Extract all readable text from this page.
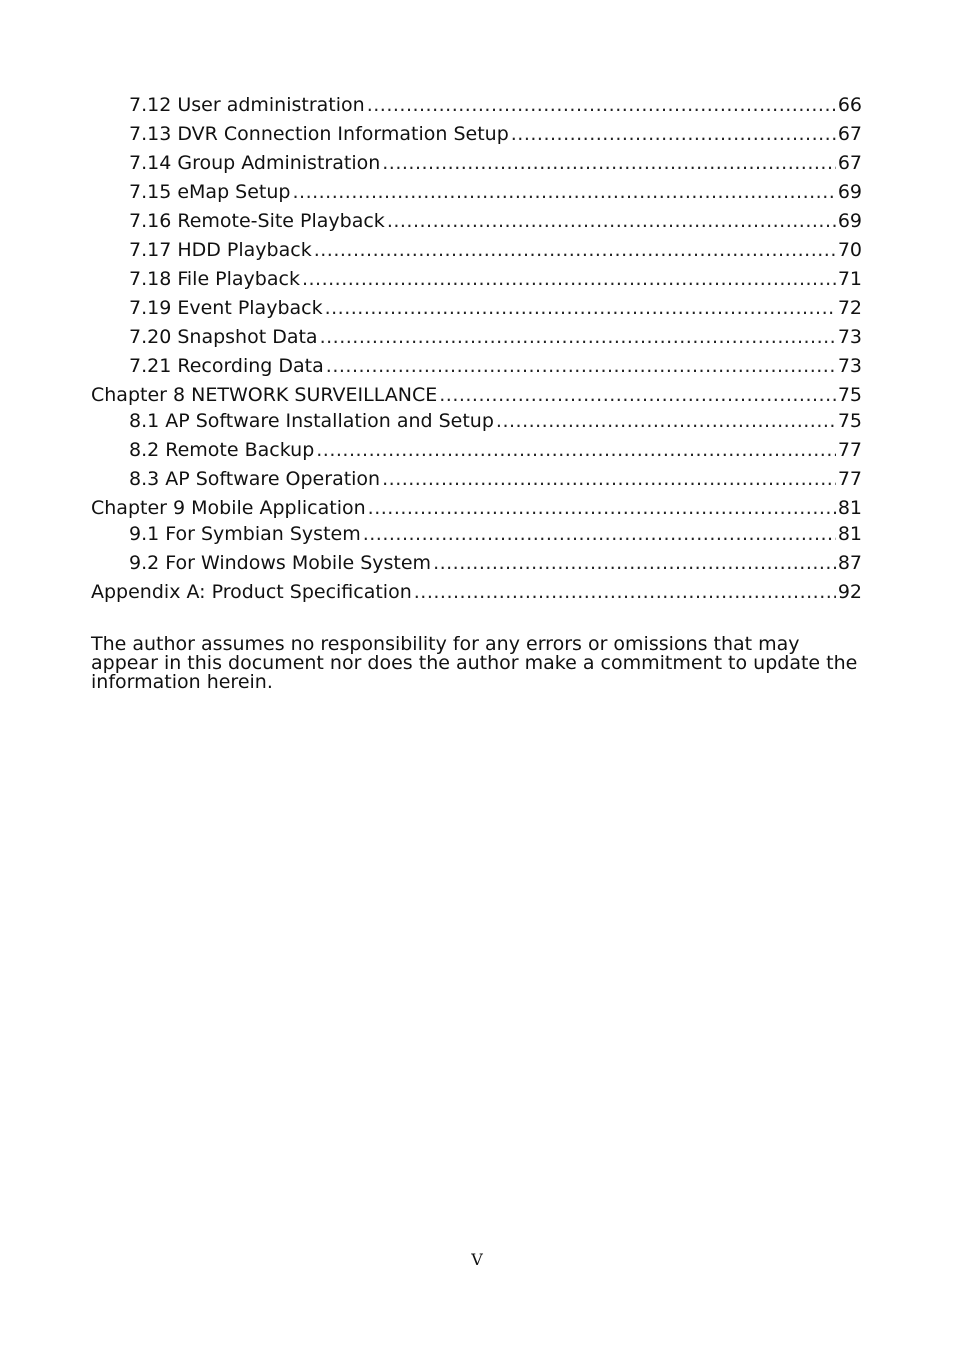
7.12 User administration .....	66
7.13 DVR Connection Information Setup .....	67
7.14 Group Administration .....	67
7.15 eMap Setup .....	69
7.16 Remote-Site Playback .....	69
7.17 HDD Playback .....	70
7.18 File Playback .....	71
7.19 Event Playback .....	72
7.20 Snapshot Data .....	73
7.21 Recording Data .....	73
Chapter 8 NETWORK SURVEILLANCE .....	75
8.1 AP Software Installation and Setup .....	75
8.2 Remote Backup .....	77
8.3 AP Software Operation .....	77
Chapter 9 Mobile Application .....	81
9.1 For Symbian System .....	81
9.2 For Windows Mobile System .....	87
Appendix A: Product Specification .....	92

The author assumes no responsibility for any errors or omissions that may appear in this document nor does the author make a commitment to update the information herein.

V
